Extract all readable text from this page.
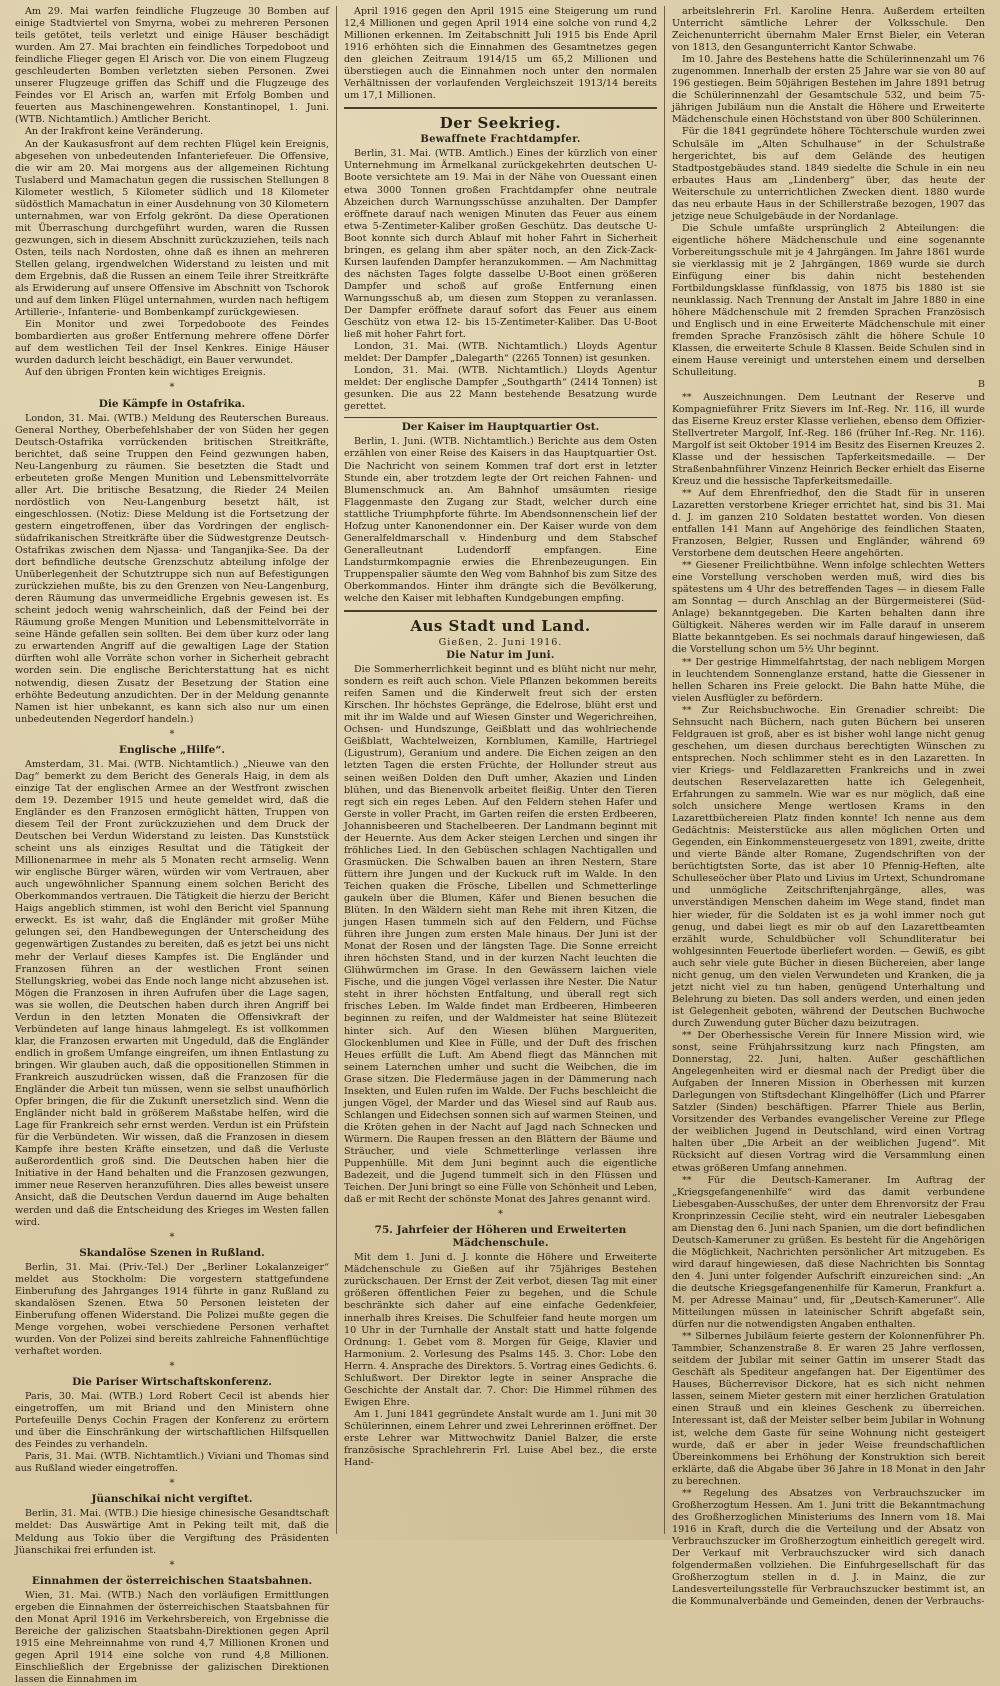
Am 29. Mai warfen feindliche Flugzeuge 30 Bomben auf einige Stadtviertel von Smyrna, wobei zu mehreren Personen teils getötet, teils verletzt und einige Häuser beschädigt wurden. Am 27. Mai brachten ein feindliches Torpedoboot und feindliche Flieger gegen El Arisch vor. Die von einem Flugzeug geschleuderten Bomben verletzten sieben Personen. Zwei unserer Flugzeuge griffen das Schiff und die Flugzeuge des Feindes vor El Arisch an, warfen mit Erfolg Bomben und feuerten aus Maschinengewehren. Konstantinopel, 1. Juni. (WTB. Nichtamtlich.) Amtlicher Bericht.

An der Irakfront keine Veränderung.

An der Kaukasusfront auf dem rechten Flügel kein Ereignis, abgesehen von unbedeutenden Infanteriefeuer. Die Offensive, die wir am 20. Mai morgens aus der allgemeinen Richtung Tuslaberd und Mamachatun gegen die russischen Stellungen 8 Kilometer westlich, 5 Kilometer südlich und 18 Kilometer südöstlich Mamachatun in einer Ausdehnung von 30 Kilometern unternahmen, war von Erfolg gekrönt. Da diese Operationen mit Überraschung durchgeführt wurden, waren die Russen gezwungen, sich in diesem Abschnitt zurückzuziehen, teils nach Osten, teils nach Nordosten, ohne daß es ihnen an mehreren Stellen gelang, irgendwelchen Widerstand zu leisten und mit dem Ergebnis, daß die Russen an einem Teile ihrer Streitkräfte als Erwiderung auf unsere Offensive im Abschnitt von Tschorok und auf dem linken Flügel unternahmen, wurden nach heftigem Artillerie-, Infanterie- und Bombenkampf zurückgewiesen.

Ein Monitor und zwei Torpedoboote des Feindes bombardierten aus großer Entfernung mehrere offene Dörfer auf dem westlichen Teil der Insel Kenkres. Einige Häuser wurden dadurch leicht beschädigt, ein Bauer verwundet.

Auf den übrigen Fronten kein wichtiges Ereignis.

*
Die Kämpfe in Ostafrika.

London, 31. Mai. (WTB.) Meldung des Reuterschen Bureaus. General Northey, Oberbefehlshaber der von Süden her gegen Deutsch-Ostafrika vorrückenden britischen Streitkräfte, berichtet, daß seine Truppen den Feind gezwungen haben, Neu-Langenburg zu räumen. Sie besetzten die Stadt und erbeuteten große Mengen Munition und Lebensmittelvorräte aller Art. Die britische Besatzung, die Rieder 24 Meilen nordöstlich von Neu-Langenburg besetzt hält, ist eingeschlossen. (Notiz: Diese Meldung ist die Fortsetzung der gestern eingetroffenen, über das Vordringen der englisch-südafrikanischen Streitkräfte über die Südwestgrenze Deutsch-Ostafrikas zwischen dem Njassa- und Tanganjika-See. Da der dort befindliche deutsche Grenzschutz abteilung infolge der Unüberlegenheit der Schutztruppe sich nun auf Befestigungen zurückziehen mußte, bis zu den Grenzen von Neu-Langenburg, deren Räumung das unvermeidliche Ergebnis gewesen ist. Es scheint jedoch wenig wahrscheinlich, daß der Feind bei der Räumung große Mengen Munition und Lebensmittelvorräte in seine Hände gefallen sein sollten. Bei dem über kurz oder lang zu erwartenden Angriff auf die gewaltigen Lage der Station dürften wohl alle Vorräte schon vorher in Sicherheit gebracht worden sein. Die englische Berichterstattung hat es nicht notwendig, diesen Zusatz der Besetzung der Station eine erhöhte Bedeutung anzudichten. Der in der Meldung genannte Namen ist hier unbekannt, es kann sich also nur um einen unbedeutenden Negerdorf handeln.)

*
Englische „Hilfe“.

Amsterdam, 31. Mai. (WTB. Nichtamtlich.) „Nieuwe van den Dag“ bemerkt zu dem Bericht des Generals Haig, in dem als einzige Tat der englischen Armee an der Westfront zwischen dem 19. Dezember 1915 und heute gemeldet wird, daß die Engländer es den Franzosen ermöglicht hätten, Truppen von diesem Teil der Front zurückzuziehen und dem Druck der Deutschen bei Verdun Widerstand zu leisten. Das Kunststück scheint uns als einziges Resultat und die Tätigkeit der Millionenarmee in mehr als 5 Monaten recht armselig. Wenn wir englische Bürger wären, würden wir vom Vertrauen, aber auch ungewöhnlicher Spannung einem solchen Bericht des Oberkommandos vertrauen. Die Tätigkeit die hierzu der Bericht Haigs angeblich stimmen, ist wohl den Bericht viel Spannung erweckt. Es ist wahr, daß die Engländer mit großer Mühe gelungen sei, den Handbewegungen der Unterscheidung des gegenwärtigen Zustandes zu bereiten, daß es jetzt bei uns nicht mehr der Verlauf dieses Kampfes ist. Die Engländer und Franzosen führen an der westlichen Front seinen Stellungskrieg, wobei das Ende noch lange nicht abzusehen ist. Mögen die Franzosen in ihren Aufrufen über die Lage sagen, was sie wollen, die Deutschen haben durch ihren Angriff bei Verdun in den letzten Monaten die Offensivkraft der Verbündeten auf lange hinaus lahmgelegt. Es ist vollkommen klar, die Franzosen erwarten mit Ungeduld, daß die Engländer endlich in großem Umfange eingreifen, um ihnen Entlastung zu bringen. Wir glauben auch, daß die oppositionellen Stimmen in Frankreich auszudrücken wissen, daß die Franzosen für die Engländer die Arbeit tun müssen, wenn sie selbst unaufhörlich Opfer bringen, die für die Zukunft unersetzlich sind. Wenn die Engländer nicht bald in größerem Maßstabe helfen, wird die Lage für Frankreich sehr ernst werden. Verdun ist ein Prüfstein für die Verbündeten. Wir wissen, daß die Franzosen in diesem Kampfe ihre besten Kräfte einsetzen, und daß die Verluste außerordentlich groß sind. Die Deutschen haben hier die Initiative in der Hand behalten und die Franzosen gezwungen, immer neue Reserven heranzuführen. Dies alles beweist unsere Ansicht, daß die Deutschen Verdun dauernd im Auge behalten werden und daß die Entscheidung des Krieges im Westen fallen wird.

*
Skandalöse Szenen in Rußland.

Berlin, 31. Mai. (Priv.-Tel.) Der „Berliner Lokalanzeiger“ meldet aus Stockholm: Die vorgestern stattgefundene Einberufung des Jahrganges 1914 führte in ganz Rußland zu skandalösen Szenen. Etwa 50 Personen leisteten der Einberufung offenen Widerstand. Die Polizei mußte gegen die Menge vorgehen, wobei verschiedene Personen verhaftet wurden. Von der Polizei sind bereits zahlreiche Fahnenflüchtige verhaftet worden.

*
Die Pariser Wirtschaftskonferenz.

Paris, 30. Mai. (WTB.) Lord Robert Cecil ist abends hier eingetroffen, um mit Briand und den Ministern ohne Portefeuille Denys Cochin Fragen der Konferenz zu erörtern und über die Einschränkung der wirtschaftlichen Hilfsquellen des Feindes zu verhandeln.

Paris, 31. Mai. (WTB. Nichtamtlich.) Viviani und Thomas sind aus Rußland wieder eingetroffen.

*
Jüanschikai nicht vergiftet.

Berlin, 31. Mai. (WTB.) Die hiesige chinesische Gesandtschaft meldet: Das Auswärtige Amt in Peking teilt mit, daß die Meldung aus Tokio über die Vergiftung des Präsidenten Jüanschikai frei erfunden ist.

*
Einnahmen der österreichischen Staatsbahnen.

Wien, 31. Mai. (WTB.) Nach den vorläufigen Ermittlungen ergeben die Einnahmen der österreichischen Staatsbahnen für den Monat April 1916 im Verkehrsbereich, von Ergebnisse die Bereiche der galizischen Staatsbahn-Direktionen gegen April 1915 eine Mehreinnahme von rund 4,7 Millionen Kronen und gegen April 1914 eine solche von rund 4,8 Millionen. Einschließlich der Ergebnisse der galizischen Direktionen lassen die Einnahmen im

April 1916 gegen den April 1915 eine Steigerung um rund 12,4 Millionen und gegen April 1914 eine solche von rund 4,2 Millionen erkennen. Im Zeitabschnitt Juli 1915 bis Ende April 1916 erhöhten sich die Einnahmen des Gesamtnetzes gegen den gleichen Zeitraum 1914/15 um 65,2 Millionen und überstiegen auch die Einnahmen noch unter den normalen Verhältnissen der vorlaufenden Vergleichszeit 1913/14 bereits um 17,1 Millionen.

Der Seekrieg.
Bewaffnete Frachtdampfer.

Berlin, 31. Mai. (WTB. Amtlich.) Eines der kürzlich von einer Unternehmung im Ärmelkanal zurückgekehrten deutschen U-Boote versichtete am 19. Mai in der Nähe von Ouessant einen etwa 3000 Tonnen großen Frachtdampfer ohne neutrale Abzeichen durch Warnungsschüsse anzuhalten. Der Dampfer eröffnete darauf nach wenigen Minuten das Feuer aus einem etwa 5-Zentimeter-Kaliber großen Geschütz. Das deutsche U-Boot konnte sich durch Ablauf mit hoher Fahrt in Sicherheit bringen, es gelang ihm aber später noch, an den Zick-Zack-Kursen laufenden Dampfer heranzukommen. — Am Nachmittag des nächsten Tages folgte dasselbe U-Boot einen größeren Dampfer und schoß auf große Entfernung einen Warnungsschuß ab, um diesen zum Stoppen zu veranlassen. Der Dampfer eröffnete darauf sofort das Feuer aus einem Geschütz von etwa 12- bis 15-Zentimeter-Kaliber. Das U-Boot ließ mit hoher Fahrt fort.

London, 31. Mai. (WTB. Nichtamtlich.) Lloyds Agentur meldet: Der Dampfer „Dalegarth“ (2265 Tonnen) ist gesunken.

London, 31. Mai. (WTB. Nichtamtlich.) Lloyds Agentur meldet: Der englische Dampfer „Southgarth“ (2414 Tonnen) ist gesunken. Die aus 22 Mann bestehende Besatzung wurde gerettet.

Der Kaiser im Hauptquartier Ost.

Berlin, 1. Juni. (WTB. Nichtamtlich.) Berichte aus dem Osten erzählen von einer Reise des Kaisers in das Hauptquartier Ost. Die Nachricht von seinem Kommen traf dort erst in letzter Stunde ein, aber trotzdem legte der Ort reichen Fahnen- und Blumenschmuck an. Am Bahnhof umsäumten riesige Flaggenmaste den Zugang zur Stadt, welcher durch eine stattliche Triumphpforte führte. Im Abendsonnenschein lief der Hofzug unter Kanonendonner ein. Der Kaiser wurde von dem Generalfeldmarschall v. Hindenburg und dem Stabschef Generalleutnant Ludendorff empfangen. Eine Landsturmkompagnie erwies die Ehrenbezeugungen. Ein Truppenspalier säumte den Weg vom Bahnhof bis zum Sitze des Oberkommandos. Hinter ihm drängte sich die Bevölkerung, welche den Kaiser mit lebhaften Kundgebungen empfing.

Aus Stadt und Land.
Gießen, 2. Juni 1916.
Die Natur im Juni.

Die Sommerherrlichkeit beginnt und es blüht nicht nur mehr, sondern es reift auch schon. Viele Pflanzen bekommen bereits reifen Samen und die Kinderwelt freut sich der ersten Kirschen. Ihr höchstes Gepränge, die Edelrose, blüht erst und mit ihr im Walde und auf Wiesen Ginster und Wegerichreihen, Ochsen- und Hundszunge, Geißblatt und das wohlriechende Geißblatt, Wachtelweizen, Kornblumen, Kamille, Hartriegel (Ligustrum), Geranium und andere. Die Eichen zeigen an den letzten Tagen die ersten Früchte, der Hollunder streut aus seinen weißen Dolden den Duft umher, Akazien und Linden blühen, und das Bienenvolk arbeitet fleißig. Unter den Tieren regt sich ein reges Leben. Auf den Feldern stehen Hafer und Gerste in voller Pracht, im Garten reifen die ersten Erdbeeren, Johannisbeeren und Stachelbeeren. Der Landmann beginnt mit der Heuernte. Aus dem Acker steigen Lerchen und singen ihr fröhliches Lied. In den Gebüschen schlagen Nachtigallen und Grasmücken. Die Schwalben bauen an ihren Nestern, Stare füttern ihre Jungen und der Kuckuck ruft im Walde. In den Teichen quaken die Frösche, Libellen und Schmetterlinge gaukeln über die Blumen, Käfer und Bienen besuchen die Blüten. In den Wäldern sieht man Rehe mit ihren Kitzen, die jungen Hasen tummeln sich auf den Feldern, und Füchse führen ihre Jungen zum ersten Male hinaus. Der Juni ist der Monat der Rosen und der längsten Tage. Die Sonne erreicht ihren höchsten Stand, und in der kurzen Nacht leuchten die Glühwürmchen im Grase. In den Gewässern laichen viele Fische, und die jungen Vögel verlassen ihre Nester. Die Natur steht in ihrer höchsten Entfaltung, und überall regt sich frisches Leben. Im Walde findet man Erdbeeren, Himbeeren beginnen zu reifen, und der Waldmeister hat seine Blütezeit hinter sich. Auf den Wiesen blühen Margueriten, Glockenblumen und Klee in Fülle, und der Duft des frischen Heues erfüllt die Luft. Am Abend fliegt das Männchen mit seinem Laternchen umher und sucht die Weibchen, die im Grase sitzen. Die Fledermäuse jagen in der Dämmerung nach Insekten, und Eulen rufen im Walde. Der Fuchs beschleicht die jungen Vögel, der Marder und das Wiesel sind auf Raub aus. Schlangen und Eidechsen sonnen sich auf warmen Steinen, und die Kröten gehen in der Nacht auf Jagd nach Schnecken und Würmern. Die Raupen fressen an den Blättern der Bäume und Sträucher, und viele Schmetterlinge verlassen ihre Puppenhülle. Mit dem Juni beginnt auch die eigentliche Badezeit, und die Jugend tummelt sich in den Flüssen und Teichen. Der Juni bringt so eine Fülle von Schönheit und Leben, daß er mit Recht der schönste Monat des Jahres genannt wird.

*
75. Jahrfeier der Höheren und Erweiterten Mädchenschule.

Mit dem 1. Juni d. J. konnte die Höhere und Erweiterte Mädchenschule zu Gießen auf ihr 75jähriges Bestehen zurückschauen. Der Ernst der Zeit verbot, diesen Tag mit einer größeren öffentlichen Feier zu begehen, und die Schule beschränkte sich daher auf eine einfache Gedenkfeier, innerhalb ihres Kreises. Die Schulfeier fand heute morgen um 10 Uhr in der Turnhalle der Anstalt statt und hatte folgende Ordnung: 1. Gebet vom 8. Morgen für Geige, Klavier und Harmonium. 2. Vorlesung des Psalms 145. 3. Chor: Lobe den Herrn. 4. Ansprache des Direktors. 5. Vortrag eines Gedichts. 6. Schlußwort. Der Direktor legte in seiner Ansprache die Geschichte der Anstalt dar. 7. Chor: Die Himmel rühmen des Ewigen Ehre.

Am 1. Juni 1841 gegründete Anstalt wurde am 1. Juni mit 30 Schülerinnen, einem Lehrer und zwei Lehrerinnen eröffnet. Der erste Lehrer war Mittwochwitz Daniel Balzer, die erste französische Sprachlehrerin Frl. Luise Abel bez., die erste Hand-

arbeitslehrerin Frl. Karoline Henra. Außerdem erteilten Unterricht sämtliche Lehrer der Volksschule. Den Zeichenunterricht übernahm Maler Ernst Bieler, ein Veteran von 1813, den Gesangunterricht Kantor Schwabe.

Im 10. Jahre des Bestehens hatte die Schülerinnenzahl um 76 zugenommen. Innerhalb der ersten 25 Jahre war sie von 80 auf 196 gestiegen. Beim 50jährigen Bestehen im Jahre 1891 betrug die Schülerinnenzahl der Gesamtschule 532, und beim 75-jährigen Jubiläum nun die Anstalt die Höhere und Erweiterte Mädchenschule einen Höchststand von über 800 Schülerinnen.

Für die 1841 gegründete höhere Töchterschule wurden zwei Schulsäle im „Alten Schulhause“ in der Schulstraße hergerichtet, bis auf dem Gelände des heutigen Stadtpostgebäudes stand. 1849 siedelte die Schule in ein neu erbautes Haus am „Lindenberg“ über, das heute der Weiterschule zu unterrichtlichen Zwecken dient. 1880 wurde das neu erbaute Haus in der Schillerstraße bezogen, 1907 das jetzige neue Schulgebäude in der Nordanlage.

Die Schule umfaßte ursprünglich 2 Abteilungen: die eigentliche höhere Mädchenschule und eine sogenannte Vorbereitungsschule mit je 4 Jahrgängen. Im Jahre 1861 wurde sie vierklassig mit je 2 Jahrgängen, 1869 wurde sie durch Einfügung einer bis dahin nicht bestehenden Fortbildungsklasse fünfklassig, von 1875 bis 1880 ist sie neunklassig. Nach Trennung der Anstalt im Jahre 1880 in eine höhere Mädchenschule mit 2 fremden Sprachen Französisch und Englisch und in eine Erweiterte Mädchenschule mit einer fremden Sprache Französisch zählt die höhere Schule 10 Klassen, die erweiterte Schule 8 Klassen. Beide Schulen sind in einem Hause vereinigt und unterstehen einem und derselben Schulleitung.

B

** Auszeichnungen. Dem Leutnant der Reserve und Kompagnieführer Fritz Sievers im Inf.-Reg. Nr. 116, ill wurde das Eiserne Kreuz erster Klasse verliehen, ebenso dem Offizier-Stellvertreter Margolf, Inf.-Reg. 186 (früher Inf.-Reg. Nr. 116). Margolf ist seit Oktober 1914 im Besitz des Eisernen Kreuzes 2. Klasse und der hessischen Tapferkeitsmedaille. — Der Straßenbahnführer Vinzenz Heinrich Becker erhielt das Eiserne Kreuz und die hessische Tapferkeitsmedaille.

** Auf dem Ehrenfriedhof, den die Stadt für in unseren Lazaretten verstorbene Krieger errichtet hat, sind bis 31. Mai d. J. im ganzen 210 Soldaten bestattet worden. Von diesen entfallen 141 Mann auf Angehörige des feindlichen Staaten, Franzosen, Belgier, Russen und Engländer, während 69 Verstorbene dem deutschen Heere angehörten.

** Giesener Freilichtbühne. Wenn infolge schlechten Wetters eine Vorstellung verschoben werden muß, wird dies bis spätestens um 4 Uhr des betreffenden Tages — in diesem Falle am Sonntag — durch Anschlag an der Bürgermeisterei (Süd-Anlage) bekanntgegeben. Die Karten behalten dann ihre Gültigkeit. Näheres werden wir im Falle darauf in unserem Blatte bekanntgeben. Es sei nochmals darauf hingewiesen, daß die Vorstellung schon um 5½ Uhr beginnt.

** Der gestrige Himmelfahrtstag, der nach nebligem Morgen in leuchtendem Sonnenglanze erstand, hatte die Giessener in hellen Scharen ins Freie gelockt. Die Bahn hatte Mühe, die vielen Ausflügler zu befördern.

** Zur Reichsbuchwoche. Ein Grenadier schreibt: Die Sehnsucht nach Büchern, nach guten Büchern bei unseren Feldgrauen ist groß, aber es ist bisher wohl lange nicht genug geschehen, um diesen durchaus berechtigten Wünschen zu entsprechen. Noch schlimmer steht es in den Lazaretten. In vier Kriegs- und Feldlazaretten Frankreichs und in zwei deutschen Reservelazaretten hatte ich Gelegenheit, Erfahrungen zu sammeln. Wie war es nur möglich, daß eine solch unsichere Menge wertlosen Krams in den Lazarettbüchereien Platz finden konnte! Ich nenne aus dem Gedächtnis: Meisterstücke aus allen möglichen Orten und Gegenden, ein Einkommensteuergesetz von 1891, zweite, dritte und vierte Bände alter Romane, Zugendschriften von der berüchtigtsten Sorte, das ist aber 10 Pfennig-Heften, alte Schulleseöcher über Plato und Livius im Urtext, Schundromane und unmögliche Zeitschriftenjahrgänge, alles, was unverständigen Menschen daheim im Wege stand, findet man hier wieder, für die Soldaten ist es ja wohl immer noch gut genug, und dabei liegt es mir ob auf den Lazarettbeamten erzählt wurde, Schuldbücher voll Schundliteratur bei wohlgesinnten Feuertode überliefert worden. — Gewiß, es gibt auch sehr viele gute Bücher in diesen Büchereien, aber lange nicht genug, um den vielen Verwundeten und Kranken, die ja jetzt nicht viel zu tun haben, genügend Unterhaltung und Belehrung zu bieten. Das soll anders werden, und einen jeden ist Gelegenheit geboten, während der Deutschen Buchwoche durch Zuwendung guter Bücher dazu beizutragen.

** Der Oberhessische Verein für Innere Mission wird, wie sonst, seine Frühjahrssitzung kurz nach Pfingsten, am Donnerstag, 22. Juni, halten. Außer geschäftlichen Angelegenheiten wird er diesmal nach der Predigt über die Aufgaben der Inneren Mission in Oberhessen mit kurzen Darlegungen von Stiftsdechant Klingelhöffer (Lich und Pfarrer Satzler (Sinden) beschäftigen. Pfarrer Thiele aus Berlin, Vorsitzender des Verbandes evangelischer Vereine zur Pflege der weiblichen Jugend in Deutschland, wird einen Vortrag halten über „Die Arbeit an der weiblichen Jugend“. Mit Rücksicht auf diesen Vortrag wird die Versammlung einen etwas größeren Umfang annehmen.

** Für die Deutsch-Kameraner. Im Auftrag der „Kriegsgefangenenhilfe“ wird das damit verbundene Liebesgaben-Ausschußes, der unter dem Ehrenvorsitz der Frau Kronprinzessin Cecilie steht, wird ein neutraler Liebesgaben am Dienstag den 6. Juni nach Spanien, um die dort befindlichen Deutsch-Kameruner zu grüßen. Es besteht für die Angehörigen die Möglichkeit, Nachrichten persönlicher Art mitzugeben. Es wird darauf hingewiesen, daß diese Nachrichten bis Sonntag den 4. Juni unter folgender Aufschrift einzureichen sind: „An die deutsche Kriegsgefangenenhilfe für Kamerun, Frankfurt a. M. per Adresse Mainau“ und, für „Deutsch-Kameruner“. Alle Mitteilungen müssen in lateinischer Schrift abgefaßt sein, dürfen nur die notwendigsten Angaben enthalten.

** Silbernes Jubiläum feierte gestern der Kolonnenführer Ph. Tammbier, Schanzenstraße 8. Er waren 25 Jahre verflossen, seitdem der Jubilar mit seiner Gattin im unserer Stadt das Geschäft als Spediteur angefangen hat. Der Eigentümer des Hauses, Bücherrevisor Dickore, hat es sich nicht nehmen lassen, seinem Mieter gestern mit einer herzlichen Gratulation einen Strauß und ein kleines Geschenk zu überreichen. Interessant ist, daß der Meister selber beim Jubilar in Wohnung ist, welche dem Gaste für seine Wohnung nicht gesteigert wurde, daß er aber in jeder Weise freundschaftlichen Übereinkommens bei Erhöhung der Konstruktion sich bereit erklärte, daß die Abgabe über 36 Jahre in 18 Monat in den Jahr zu berechnen.

** Regelung des Absatzes von Verbrauchszucker im Großherzogtum Hessen. Am 1. Juni tritt die Bekanntmachung des Großherzoglichen Ministeriums des Innern vom 18. Mai 1916 in Kraft, durch die die Verteilung und der Absatz von Verbrauchszucker im Großherzogtum einheitlich geregelt wird. Der Verkauf mit Verbrauchszucker wird sich danach folgendermaßen vollziehen. Die Einfuhrgesellschaft für das Großherzogtum stellen in d. J. in Mainz, die zur Landesverteilungsstelle für Verbrauchszucker bestimmt ist, an die Kommunalverbände und Gemeinden, denen der Verbrauchs-
